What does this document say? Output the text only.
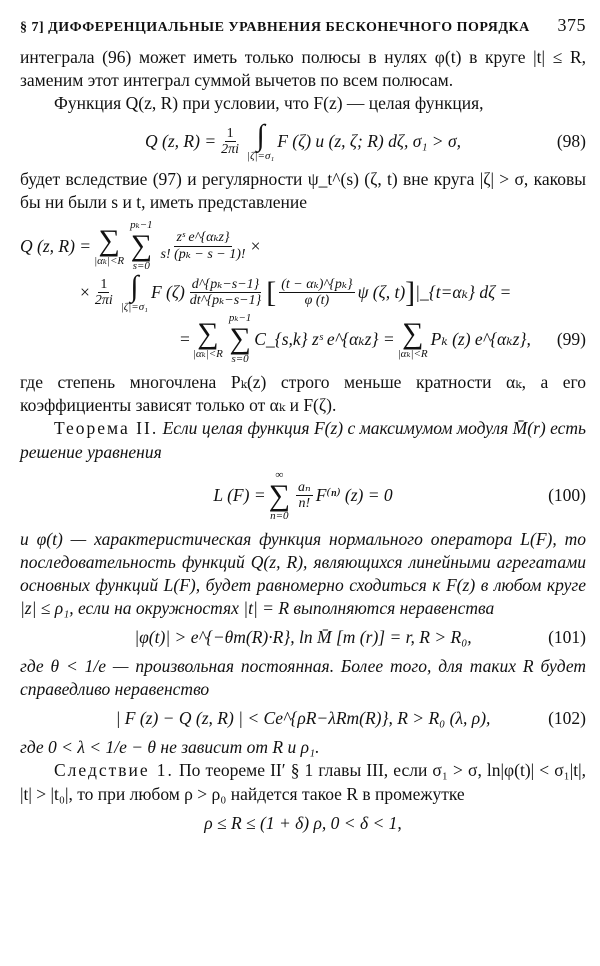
§ 7] ДИФФЕРЕНЦИАЛЬНЫЕ УРАВНЕНИЯ БЕСКОНЕЧНОГО ПОРЯДКА 375

интеграла (96) может иметь только полюсы в нулях φ(t) в круге |t| ≤ R, заменим этот интеграл суммой вычетов по всем полюсам.

Функция Q(z, R) при условии, что F(z) — целая функция,

Q (z, $R) = \frac{1}{2\pi i}$ ∫
|ζ|=σ₁
F (ζ) u (z, ζ; R) dζ, σ₁ > σ,	(98)

будет вследствие (97) и регулярности ψ_t^(s) (ζ, t) вне круга |ζ| > σ, каковы бы ни были s и t, иметь представление

Q (z, R) = ∑
|αₖ|<R
pₖ−1
∑
s=0
$\frac{\text{zˢ e\textasciicircum{}\{αₖz\}}}{\text{s! (pₖ − s − 1)!}}$ ×
× $\frac{1}{2\pi i}$ ∫
|ζ|=σ₁
F $(\zeta) \frac{\text{d\textasciicircum{}\{pₖ−s−1\}}}{\text{dt\textasciicircum{}\{pₖ−s−1\}}}$ [ $\frac{\text{(t − αₖ)\textasciicircum{}\{pₖ\}}}{\varphi (t)}$ ψ (ζ, t) ] |_{t=αₖ} dζ =
= ∑
|αₖ|<R
pₖ−1
∑
s=0
C_{s,k} zˢ e^{αₖz} = ∑
|αₖ|<R
Pₖ (z) e^{αₖz}, (99)

где степень многочлена Pₖ(z) строго меньше кратности αₖ, а его коэффициенты зависят только от αₖ и F(ζ).

Теорема II. Если целая функция F(z) с максимумом модуля M̄(r) есть решение уравнения

L (F) =
∞
∑
n=0
$\frac{\text{aₙ}}{n!} F^{(n)}$ (z) = 0	(100)

и φ(t) — характеристическая функция нормального оператора L(F), то последовательность функций Q(z, R), являющихся линейными агрегатами основных функций L(F), будет равномерно сходиться к F(z) в любом круге |z| ≤ ρ₁, если на окружностях |t| = R выполняются неравенства

|φ(t)| > e^{−θm(R)·R}, ln M̄ [m (r)] = r, R > R₀,	(101)

где θ < 1/e — произвольная постоянная. Более того, для таких R будет справедливо неравенство

| F (z) − Q (z, R) | < Ce^{ρR−λRm(R)}, R > R₀ (λ, ρ),	(102)

где 0 < λ < 1/e − θ не зависит от R и ρ₁.

Следствие 1. По теореме II′ § 1 главы III, если σ₁ > σ, ln|φ(t)| < σ₁|t|, |t| > |t₀|, то при любом ρ > ρ₀ найдется такое R в промежутке

ρ ≤ R ≤ (1 + δ) ρ, 0 < δ < 1,
